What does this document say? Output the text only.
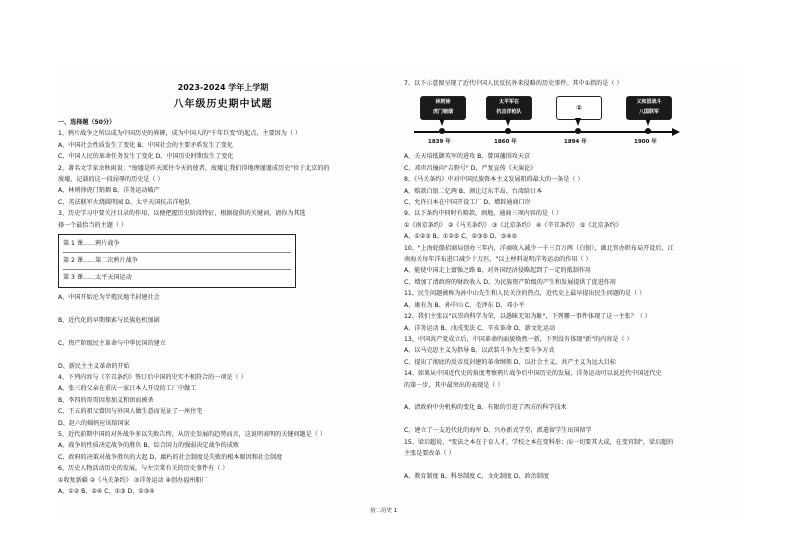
2023-2024 学年上学期
八年级历史期中试题
一、选择题（50分）
1、鸦片战争之所以成为中国历史的界碑，成为中国人的"千年巨变"的起点，主要因为（ ）
A、中国社会性质发生了变化 B、中国社会的主要矛盾发生了变化
C、中国人民的革命任务发生了变化 D、中国历史时期发生了变化
2、著名文学家余秋雨说："废墟是昨天派往今天的使者，废墟让我们得地理谨谨成历史"位于北京的的
废墟，记载的这一段屈辱的历史是（ ）
A、林则徐虎门销烟 B、洋务运动破产
C、英法联军火烧圆明园 D、太平天国抗击洋枪队
3、历史学习中要关注目录的作用，以便把握历史阶段特征，根据提供的关键词，请你为其选
择一个最恰当的主题（ ）
第 1 课……鸦片战争
第 2 课……第二次鸦片战争
第 3 课……太平天国运动
A、中国开始沦为半殖民地半封建社会

B、近代化的早期探索与民族危机加剧

C、资产阶级民主革命与中华民国的建立

D、新民主主义革命的开始
4、下列内容与《辛丑条约》签订后中国的史实不相符合的一项是（ ）
A、张三的父亲在重庆一家日本人开设的工厂中做工
B、李四的哥哥因参加义和团而被杀
C、王五的祖父曾因与外国人做生意而见证了一座住宅
D、赵六的姨妈应该给国家
5、近代前期中国的对外战争多以失败告终，从历史发展的趋势而言，这说明表明的关键问题是（ ）
A、战争的性质决定战争的胜负 B、综合国力的强弱决定战争的成败
C、政府的决策对战争胜负的大起 D、腐朽的社会制度是失败的根本原因和社会制度
6、历史人物活动历史的发展，与左宗棠有关的历史事件有（ ）
①收复新疆 ②《马关条约》 ③洋务运动 ④创办福州船厂
A、①② B、②④ C、①③ D、①③④
7、以下示意图呈现了近代中国人民反抗外来侵略的历史事件。其中①指的是（ ）
林则徐
虎门销烟
太平军在
抗击洋枪队	①
义和团战斗
八国联军
1839 年	1860 年	1894 年	1900 年
A、关天培抵御英军的进攻 B、曾国藩围攻天京
C、邓世昌撞向"吉野号" D、严复宣传《天演论》
8、《马关条约》中对中国民族资本主义发展阻碍最大的一条是（ ）
A、赔款白银二亿两 B、割让辽东半岛、台湾给日本
C、允许日本在中国开设工厂 D、增辟通商口岸
9、以下条约中同时有赔款、割地、通商三项内容的是（ ）
①《南京条约》 ②《马关条约》 ③《北京条约》 ④《辛丑条约》 ⑤《北京条约》
A、①②③ B、①②⑤ C、②③⑤ D、③④⑤
10、"上海轮船招商局创办三年内，洋商收入减少一千三百万两（白银），湖北官办织布局开设后，江
南海关每年洋布进口减少十万匹，"以上材料说明洋务运动的作用（ ）
A、能使中国走上富强之路 B、对外国经济侵略起到了一定的抵制作用
C、增加了清政府的财政收入 D、为民族资产阶级的产生和发展提供了促进作用
11、民生问题被称为孙中山先生和人民关注的热点，近代史上最早提出民生问题的是（ ）
A、康有为 B、孙中山 C、毛泽东 D、邓小平
12、我们主张以"以崇尚科学为荣，以愚昧无知为耻"，下列哪一事件体现了这一主张？（ ）
A、洋务运动 B、戊戌变法 C、辛亥革命 D、新文化运动
13、中国共产党成立后，中国革命的面貌焕然一新，下列没有体现"新"的内容是（ ）
A、以马克思主义为指导 B、以武装斗争为主要斗争方式
C、提出了彻底的反帝反封建的革命纲领 D、以社会主义、共产主义为远大目标
14、如果从中国近代史的角度考察鸦片战争后中国历史的发展，洋务运动可以说近代中国近代史
的第一步，其中最突出的表现是（ ）

A、清政府中央机构的变化 B、有限的引进了西方的科学技术

C、建立了一支近代化的海军 D、兴办新式学堂，派遣留学生出国留学
15、梁启超说，"变法之本在于育人才，学校之本在变科举；而一切要其大成，在变官制"，梁启超的
主张是要改革（ ）

A、教育制度 B、科举制度 C、文化制度 D、政治制度
初二历史 1
